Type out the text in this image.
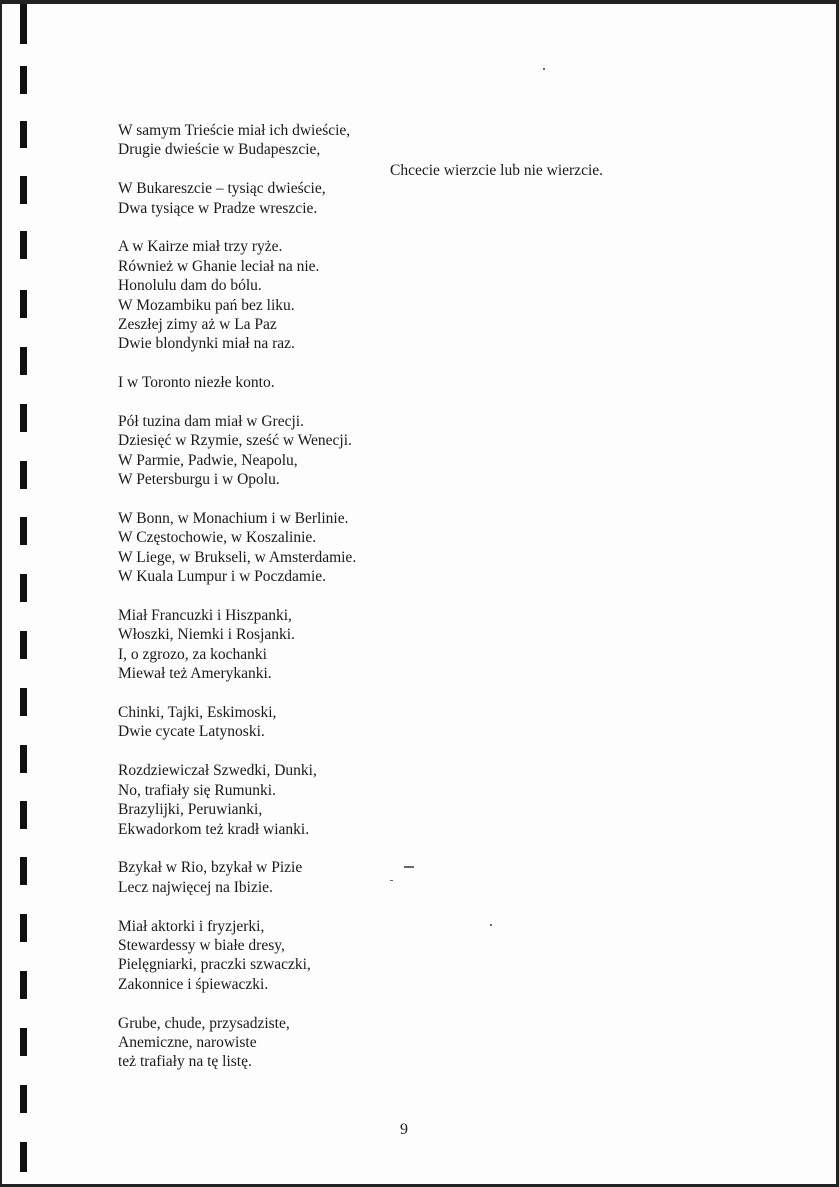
W samym Trieście miał ich dwieście,
Drugie dwieście w Budapeszcie,
W Bukareszcie – tysiąc dwieście,
Dwa tysiące w Pradze wreszcie.
A w Kairze miał trzy ryże.
Również w Ghanie leciał na nie.
Honolulu dam do bólu.
W Mozambiku pań bez liku.
Zeszłej zimy aż w La Paz
Dwie blondynki miał na raz.
I w Toronto niezłe konto.
Pół tuzina dam miał w Grecji.
Dziesięć w Rzymie, sześć w Wenecji.
W Parmie, Padwie, Neapolu,
W Petersburgu i w Opolu.
W Bonn, w Monachium i w Berlinie.
W Częstochowie, w Koszalinie.
W Liege, w Brukseli, w Amsterdamie.
W Kuala Lumpur i w Poczdamie.
Miał Francuzki i Hiszpanki,
Włoszki, Niemki i Rosjanki.
I, o zgrozo, za kochanki
Miewał też Amerykanki.
Chinki, Tajki, Eskimoski,
Dwie cycate Latynoski.
Rozdziewiczał Szwedki, Dunki,
No, trafiały się Rumunki.
Brazylijki, Peruwianki,
Ekwadorkom też kradł wianki.
Bzykał w Rio, bzykał w Pizie
Lecz najwięcej na Ibizie.
Miał aktorki i fryzjerki,
Stewardessy w białe dresy,
Pielęgniarki, praczki szwaczki,
Zakonnice i śpiewaczki.
Grube, chude, przysadziste,
Anemiczne, narowiste
też trafiały na tę listę.
Chcecie wierzcie lub nie wierzcie.
9
